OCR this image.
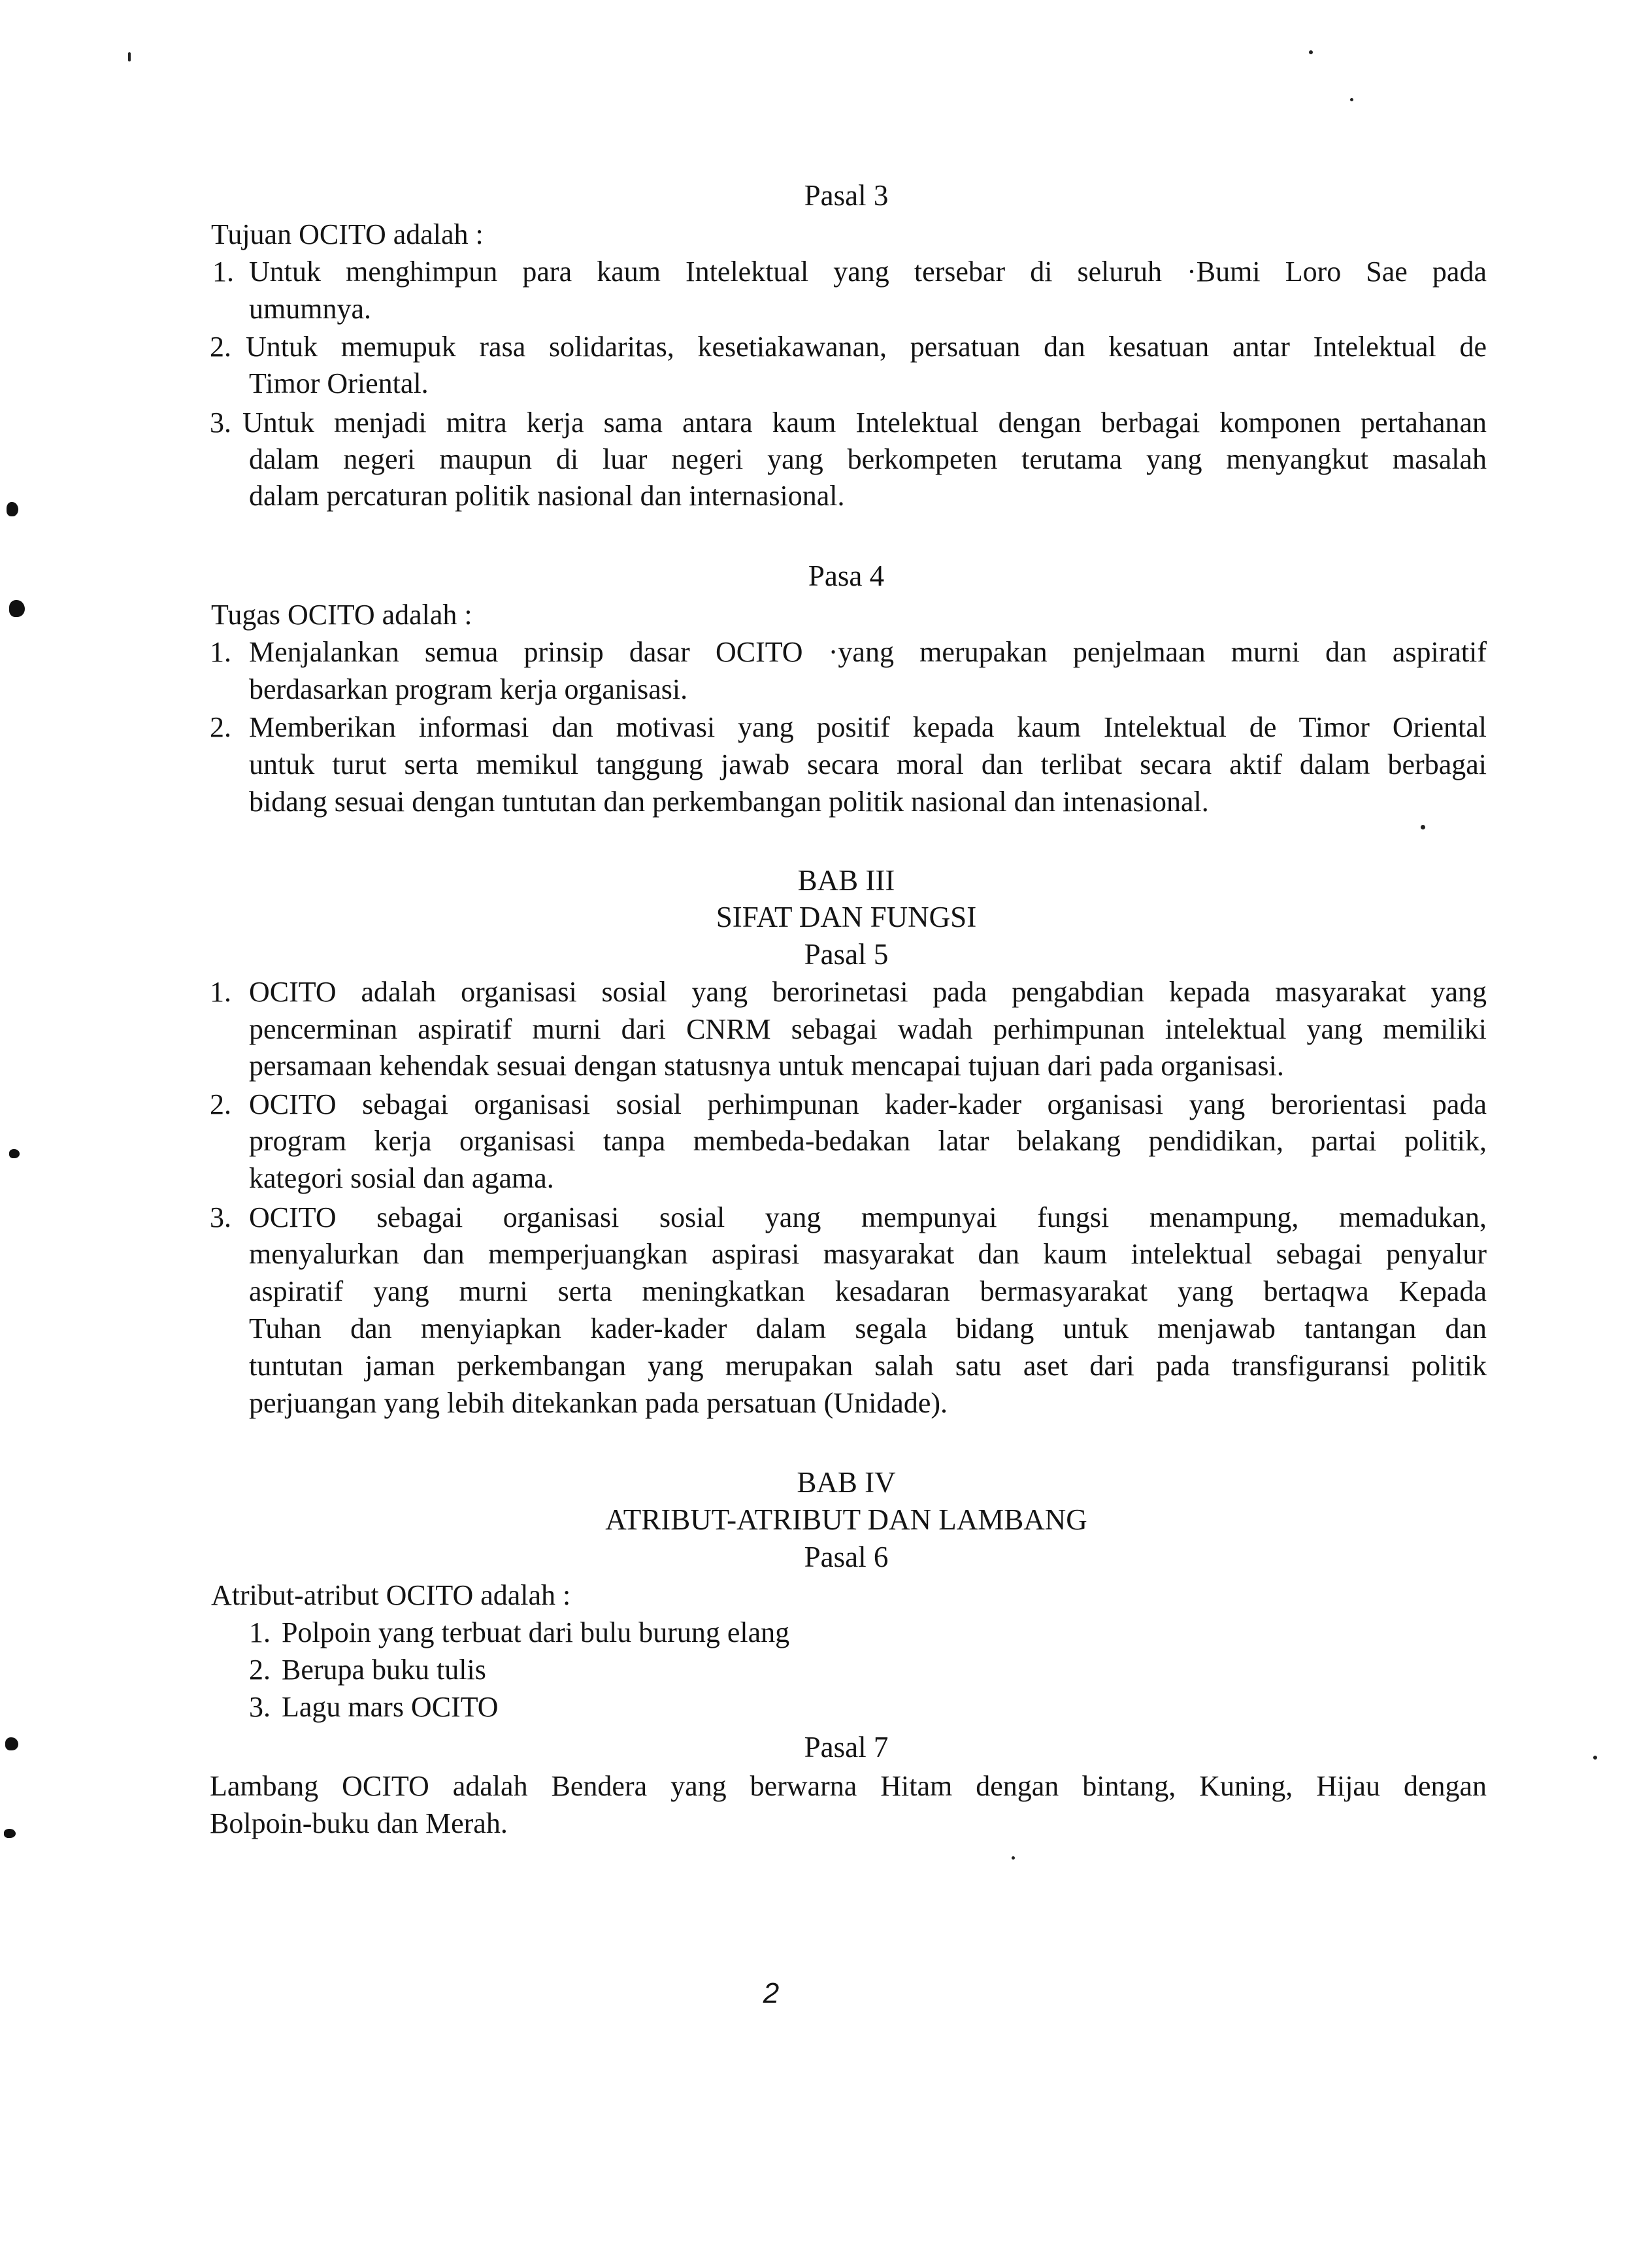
Pasal 3
Tujuan OCITO adalah :
1. Untuk menghimpun para kaum Intelektual yang tersebar di seluruh ·Bumi Loro Sae pada
umumnya.
2. Untuk memupuk rasa solidaritas, kesetiakawanan, persatuan dan kesatuan antar Intelektual de
Timor Oriental.
3. Untuk menjadi mitra kerja sama antara kaum Intelektual dengan berbagai komponen pertahanan
dalam negeri maupun di luar negeri yang berkompeten terutama yang menyangkut masalah
dalam percaturan politik nasional dan internasional.
Pasa 4
Tugas OCITO adalah :
1. Menjalankan semua prinsip dasar OCITO ·yang merupakan penjelmaan murni dan aspiratif
berdasarkan program kerja organisasi.
2. Memberikan informasi dan motivasi yang positif kepada kaum Intelektual de Timor Oriental
untuk turut serta memikul tanggung jawab secara moral dan terlibat secara aktif dalam berbagai
bidang sesuai dengan tuntutan dan perkembangan politik nasional dan intenasional.
BAB III
SIFAT DAN FUNGSI
Pasal 5
1. OCITO adalah organisasi sosial yang berorinetasi pada pengabdian kepada masyarakat yang
pencerminan aspiratif murni dari CNRM sebagai wadah perhimpunan intelektual yang memiliki
persamaan kehendak sesuai dengan statusnya untuk mencapai tujuan dari pada organisasi.
2. OCITO sebagai organisasi sosial perhimpunan kader-kader organisasi yang berorientasi pada
program kerja organisasi tanpa membeda-bedakan latar belakang pendidikan, partai politik,
kategori sosial dan agama.
3. OCITO sebagai organisasi sosial yang mempunyai fungsi menampung, memadukan,
menyalurkan dan memperjuangkan aspirasi masyarakat dan kaum intelektual sebagai penyalur
aspiratif yang murni serta meningkatkan kesadaran bermasyarakat yang bertaqwa Kepada
Tuhan dan menyiapkan kader-kader dalam segala bidang untuk menjawab tantangan dan
tuntutan jaman perkembangan yang merupakan salah satu aset dari pada transfiguransi politik
perjuangan yang lebih ditekankan pada persatuan (Unidade).
BAB IV
ATRIBUT-ATRIBUT DAN LAMBANG
Pasal 6
Atribut-atribut OCITO adalah :
1. Polpoin yang terbuat dari bulu burung elang
2. Berupa buku tulis
3. Lagu mars OCITO
Pasal 7
Lambang OCITO adalah Bendera yang berwarna Hitam dengan bintang, Kuning, Hijau dengan
Bolpoin-buku dan Merah.
2
